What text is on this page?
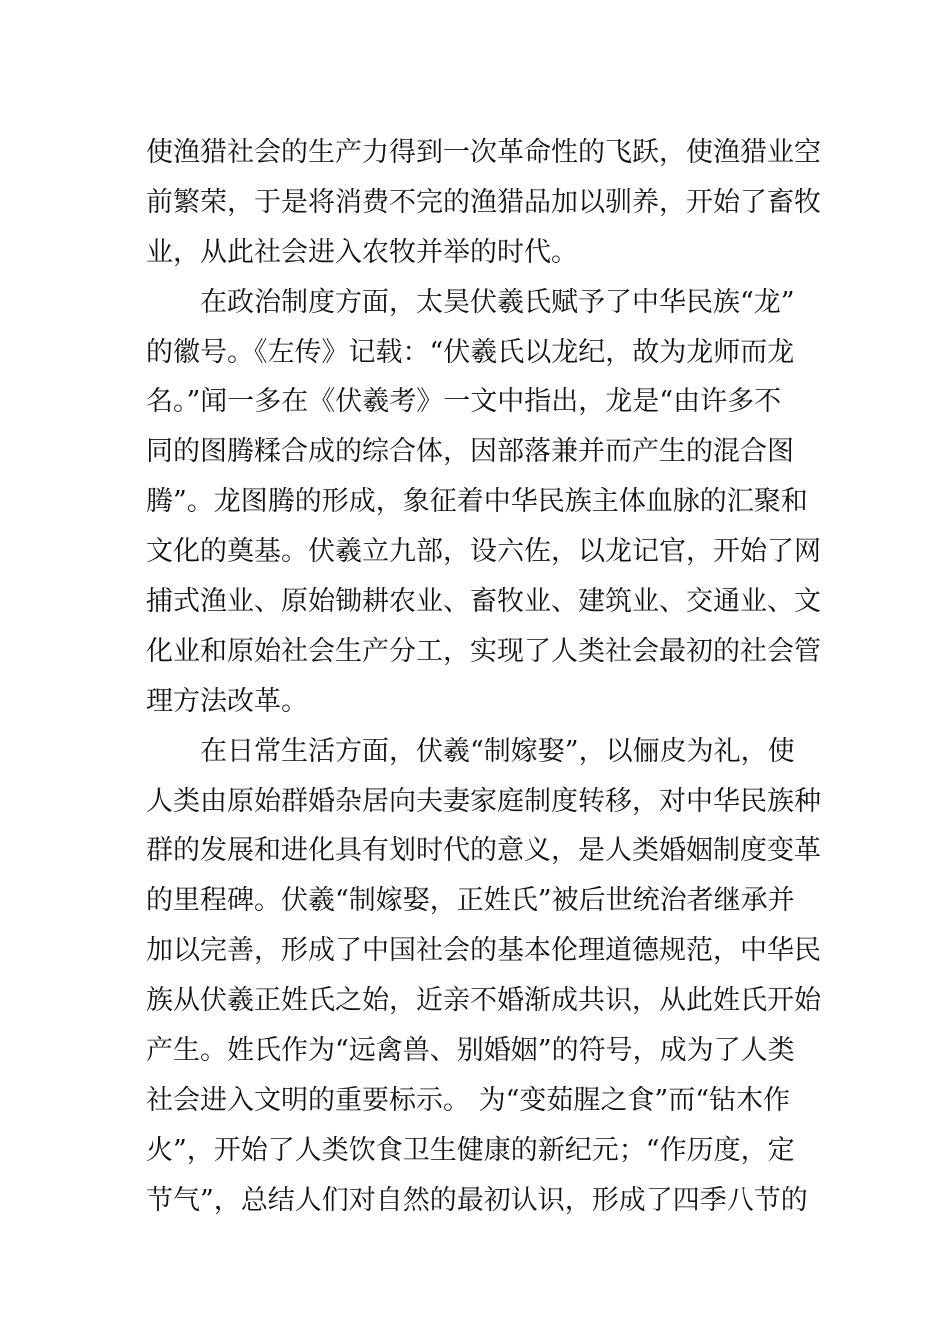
使渔猎社会的生产力得到一次革命性的飞跃，使渔猎业空
前繁荣，于是将消费不完的渔猎品加以驯养，开始了畜牧
业，从此社会进入农牧并举的时代。
　　在政治制度方面，太昊伏羲氏赋予了中华民族“龙”
的徽号。《左传》记载：“伏羲氏以龙纪，故为龙师而龙
名。”闻一多在《伏羲考》一文中指出，龙是“由许多不
同的图腾糅合成的综合体，因部落兼并而产生的混合图
腾”。龙图腾的形成，象征着中华民族主体血脉的汇聚和
文化的奠基。伏羲立九部，设六佐，以龙记官，开始了网
捕式渔业、原始锄耕农业、畜牧业、建筑业、交通业、文
化业和原始社会生产分工，实现了人类社会最初的社会管
理方法改革。
　　在日常生活方面，伏羲“制嫁娶”，以俪皮为礼，使
人类由原始群婚杂居向夫妻家庭制度转移，对中华民族种
群的发展和进化具有划时代的意义，是人类婚姻制度变革
的里程碑。伏羲“制嫁娶，正姓氏”被后世统治者继承并
加以完善，形成了中国社会的基本伦理道德规范，中华民
族从伏羲正姓氏之始，近亲不婚渐成共识，从此姓氏开始
产生。姓氏作为“远禽兽、别婚姻”的符号，成为了人类
社会进入文明的重要标示。 为“变茹腥之食”而“钻木作
火”，开始了人类饮食卫生健康的新纪元；“作历度，定
节气”，总结人们对自然的最初认识，形成了四季八节的
